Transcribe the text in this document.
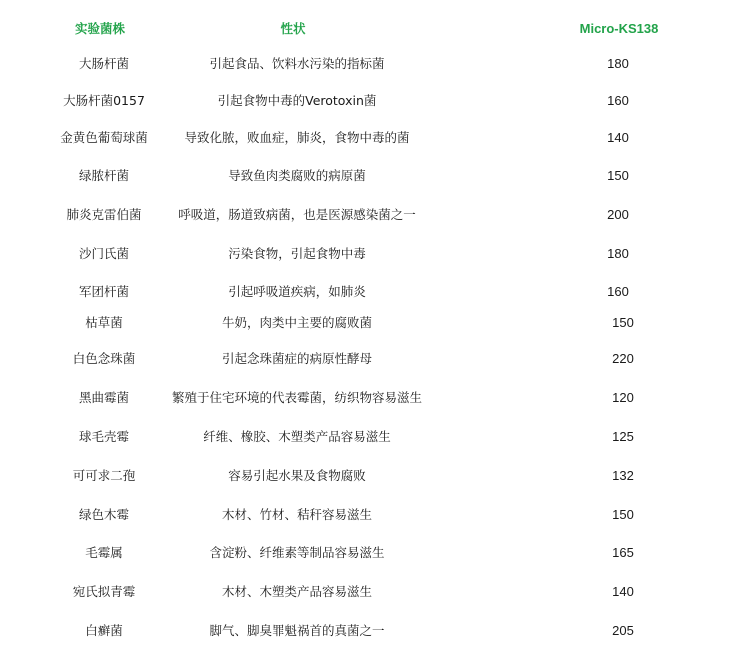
实验菌株	性状	Micro-KS138
大肠杆菌	引起食品、饮料水污染的指标菌	180
大肠杆菌0157	引起食物中毒的Verotoxin菌	160
金黄色葡萄球菌	导致化脓，败血症，肺炎，食物中毒的菌	140
绿脓杆菌	导致鱼肉类腐败的病原菌	150
肺炎克雷伯菌	呼吸道，肠道致病菌，也是医源感染菌之一	200
沙门氏菌	污染食物，引起食物中毒	180
军团杆菌	引起呼吸道疾病，如肺炎	160
枯草菌	牛奶，肉类中主要的腐败菌	150
白色念珠菌	引起念珠菌症的病原性酵母	220
黑曲霉菌	繁殖于住宅环境的代表霉菌，纺织物容易滋生	120
球毛壳霉	纤维、橡胶、木塑类产品容易滋生	125
可可求二孢	容易引起水果及食物腐败	132
绿色木霉	木材、竹材、秸秆容易滋生	150
毛霉属	含淀粉、纤维素等制品容易滋生	165
宛氏拟青霉	木材、木塑类产品容易滋生	140
白癣菌	脚气、脚臭罪魁祸首的真菌之一	205
